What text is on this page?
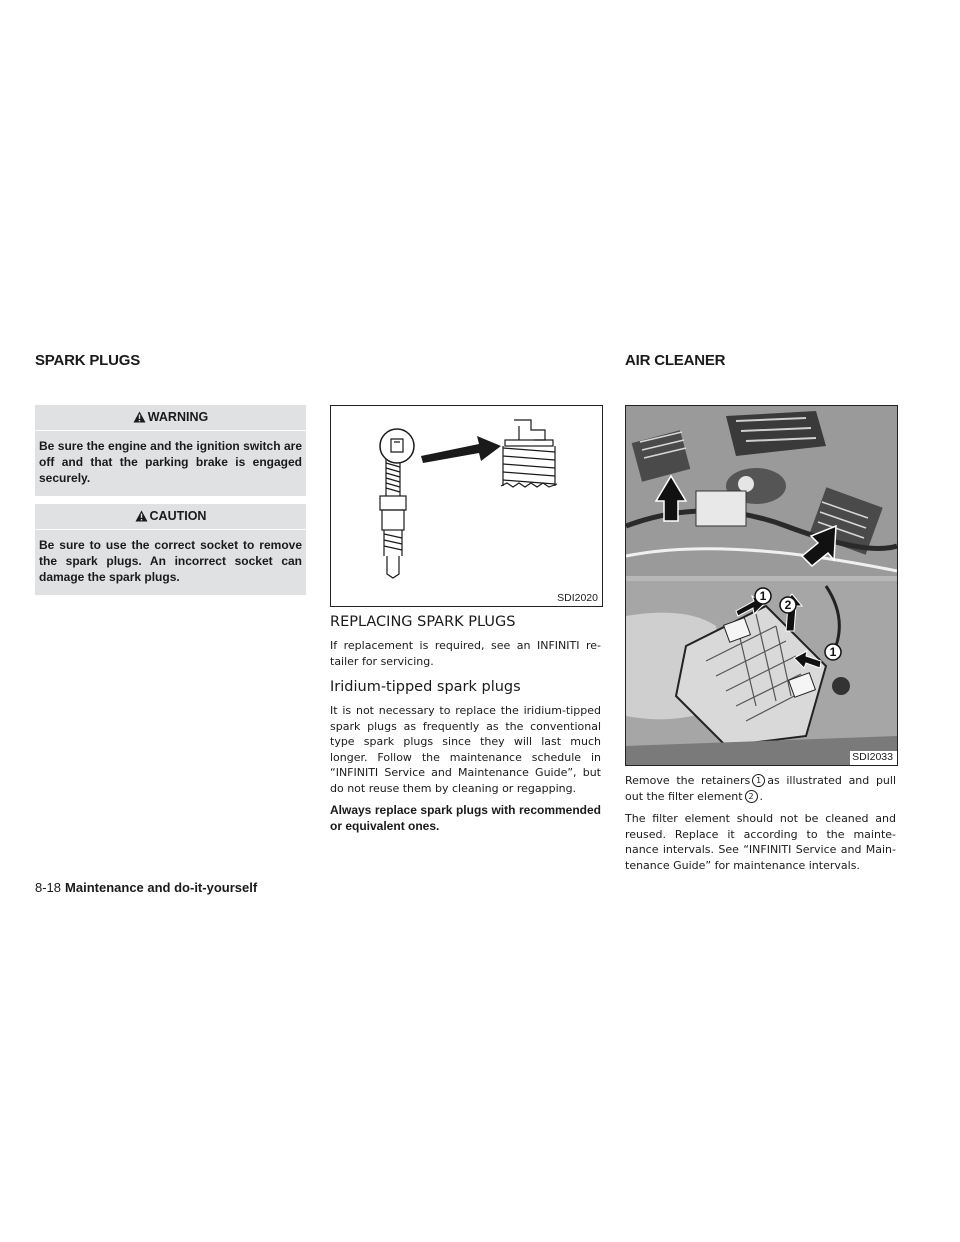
SPARK PLUGS	AIR CLEANER
WARNING
Be sure the engine and the ignition switch are off and that the parking brake is engaged securely.
CAUTION
Be sure to use the correct socket to remove the spark plugs. An incorrect socket can damage the spark plugs.
SDI2020
REPLACING SPARK PLUGS

If replacement is required, see an INFINITI re-tailer for servicing.

Iridium-tipped spark plugs

It is not necessary to replace the iridium-tipped spark plugs as frequently as the conventional type spark plugs since they will last much longer. Follow the maintenance schedule in “INFINITI Service and Maintenance Guide”, but do not reuse them by cleaning or regapping.

Always replace spark plugs with recommended or equivalent ones.

1
2
1
SDI2033

Remove the retainers 1 as illustrated and pull out the filter element 2 .

The filter element should not be cleaned and reused. Replace it according to the mainte-nance intervals. See “INFINITI Service and Main-tenance Guide” for maintenance intervals.

8-18 Maintenance and do-it-yourself
